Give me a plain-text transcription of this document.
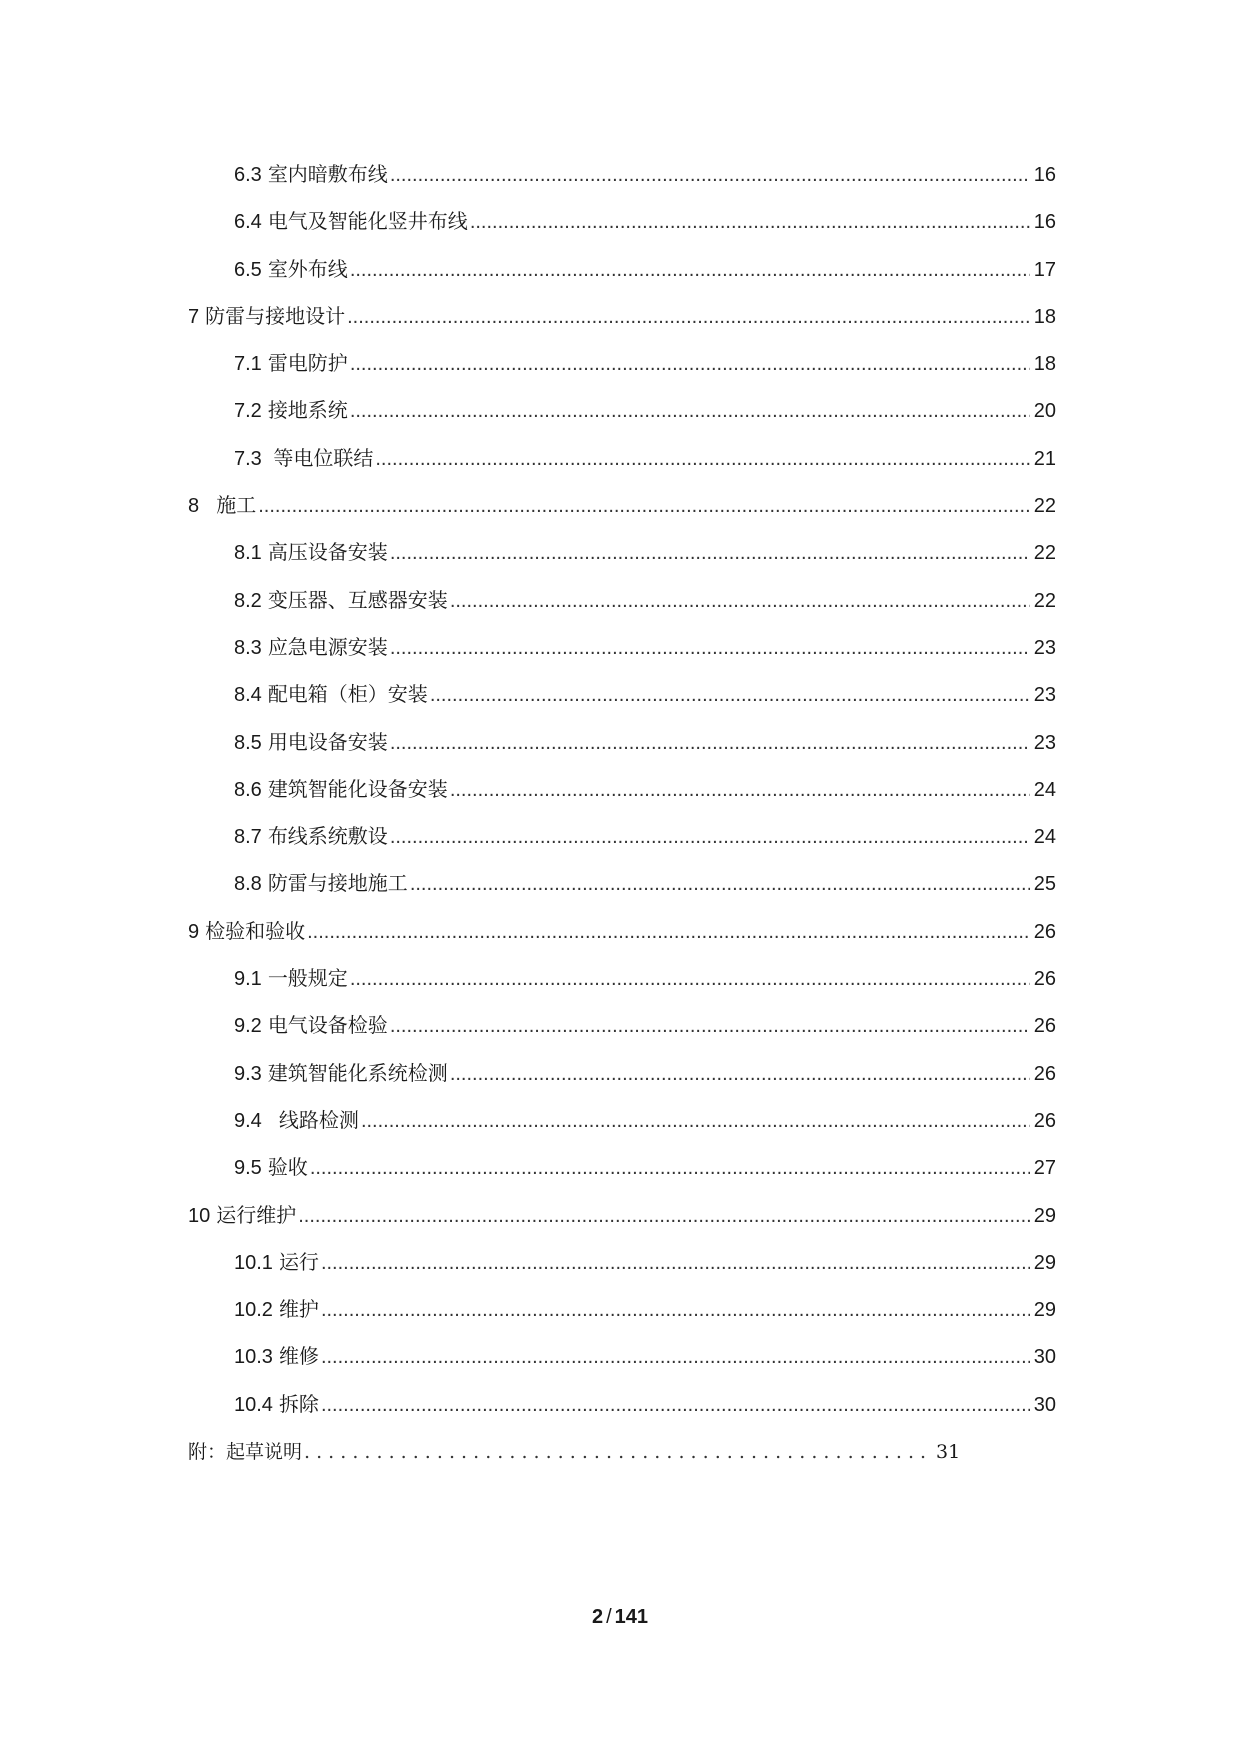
6.3 室内暗敷布线 .....	16
6.4 电气及智能化竖井布线 .....	16
6.5 室外布线 .....	17
7 防雷与接地设计 .....	18
7.1 雷电防护 .....	18
7.2 接地系统 .....	20
7.3 等电位联结 .....	21
8 施工 .....	22
8.1 高压设备安装 .....	22
8.2 变压器、互感器安装 .....	22
8.3 应急电源安装 .....	23
8.4 配电箱（柜）安装 .....	23
8.5 用电设备安装 .....	23
8.6 建筑智能化设备安装 .....	24
8.7 布线系统敷设 .....	24
8.8 防雷与接地施工 .....	25
9 检验和验收 .....	26
9.1 一般规定 .....	26
9.2 电气设备检验 .....	26
9.3 建筑智能化系统检测 .....	26
9.4 线路检测 .....	26
9.5 验收 .....	27
10 运行维护 .....	29
10.1 运行 .....	29
10.2 维护 .....	29
10.3 维修 .....	30
10.4 拆除 .....	30
附：起草说明 . . .	31
2 / 141
